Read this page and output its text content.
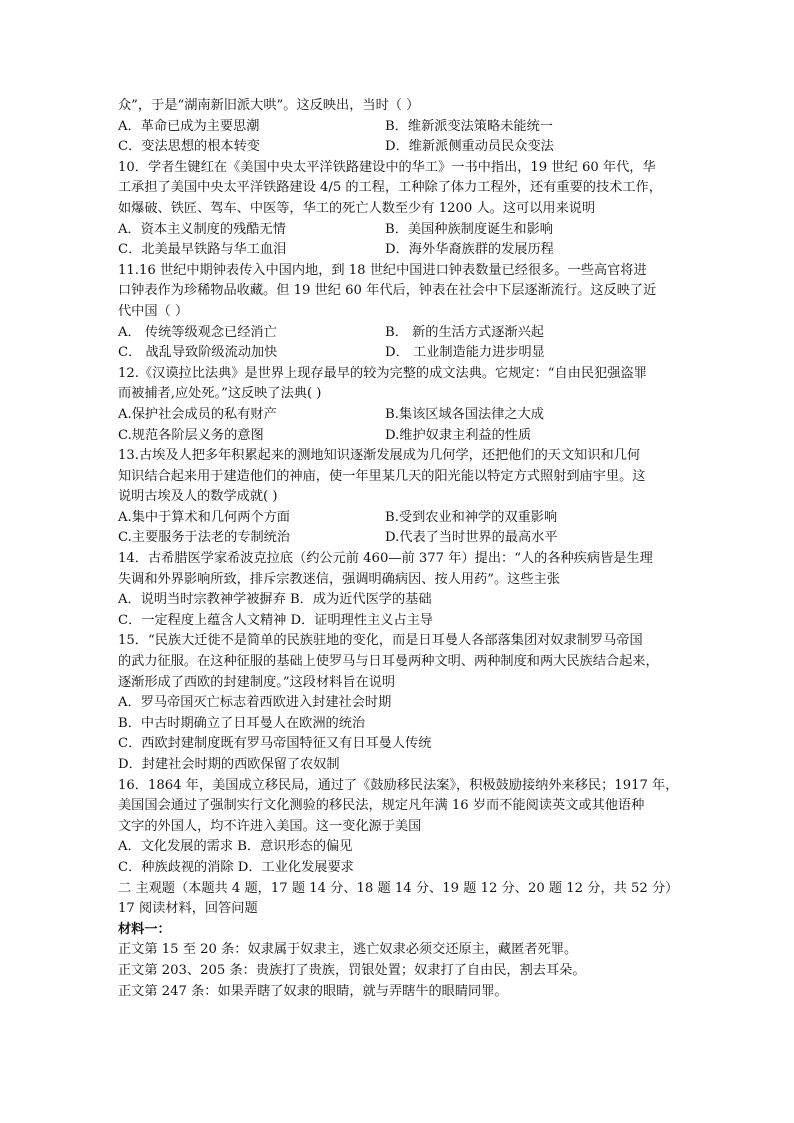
众”，于是“湖南新旧派大哄”。这反映出，当时（ ）
A．革命已成为主要思潮	B．维新派变法策略未能统一
C．变法思想的根本转变	D．维新派侧重动员民众变法
10．学者生键红在《美国中央太平洋铁路建设中的华工》一书中指出，19 世纪 60 年代，华
工承担了美国中央太平洋铁路建设 4/5 的工程，工种除了体力工程外，还有重要的技术工作，
如爆破、铁匠、驾车、中医等，华工的死亡人数至少有 1200 人。这可以用来说明
A．资本主义制度的残酷无情	B．美国种族制度诞生和影响
C．北美最早铁路与华工血泪	D．海外华裔族群的发展历程
11.16 世纪中期钟表传入中国内地，到 18 世纪中国进口钟表数量已经很多。一些高官将进
口钟表作为珍稀物品收藏。但 19 世纪 60 年代后，钟表在社会中下层逐渐流行。这反映了近
代中国（ ）
A． 传统等级观念已经消亡	B． 新的生活方式逐渐兴起
C． 战乱导致阶级流动加快	D． 工业制造能力进步明显
12.《汉谟拉比法典》是世界上现存最早的较为完整的成文法典。它规定：“自由民犯强盗罪
而被捕者,应处死。”这反映了法典( )
A.保护社会成员的私有财产	B.集该区域各国法律之大成
C.规范各阶层义务的意图	D.维护奴隶主利益的性质
13.古埃及人把多年积累起来的测地知识逐渐发展成为几何学，还把他们的天文知识和几何
知识结合起来用于建造他们的神庙，使一年里某几天的阳光能以特定方式照射到庙宇里。这
说明古埃及人的数学成就( )
A.集中于算术和几何两个方面	B.受到农业和神学的双重影响
C.主要服务于法老的专制统治	D.代表了当时世界的最高水平
14．古希腊医学家希波克拉底（约公元前 460—前 377 年）提出：“人的各种疾病皆是生理
失调和外界影响所致，排斥宗教迷信，强调明确病因、按人用药”。这些主张
A．说明当时宗教神学被摒弃 B．成为近代医学的基础
C．一定程度上蕴含人文精神 D．证明理性主义占主导
15．“民族大迁徙不是简单的民族驻地的变化，而是日耳曼人各部落集团对奴隶制罗马帝国
的武力征服。在这种征服的基础上使罗马与日耳曼两种文明、两种制度和两大民族结合起来，
逐渐形成了西欧的封建制度。”这段材料旨在说明
A．罗马帝国灭亡标志着西欧进入封建社会时期
B．中古时期确立了日耳曼人在欧洲的统治
C．西欧封建制度既有罗马帝国特征又有日耳曼人传统
D．封建社会时期的西欧保留了农奴制
16．1864 年，美国成立移民局，通过了《鼓励移民法案》，积极鼓励接纳外来移民；1917 年，
美国国会通过了强制实行文化测验的移民法，规定凡年满 16 岁而不能阅读英文或其他语种
文字的外国人，均不许进入美国。这一变化源于美国
A．文化发展的需求 B．意识形态的偏见
C．种族歧视的消除 D．工业化发展要求
二 主观题（本题共 4 题，17 题 14 分、18 题 14 分、19 题 12 分、20 题 12 分，共 52 分）
17 阅读材料，回答问题
材料一：
正文第 15 至 20 条：奴隶属于奴隶主，逃亡奴隶必须交还原主，藏匿者死罪。
正文第 203、205 条：贵族打了贵族，罚银处置；奴隶打了自由民，割去耳朵。
正文第 247 条：如果弄瞎了奴隶的眼睛，就与弄瞎牛的眼睛同罪。
